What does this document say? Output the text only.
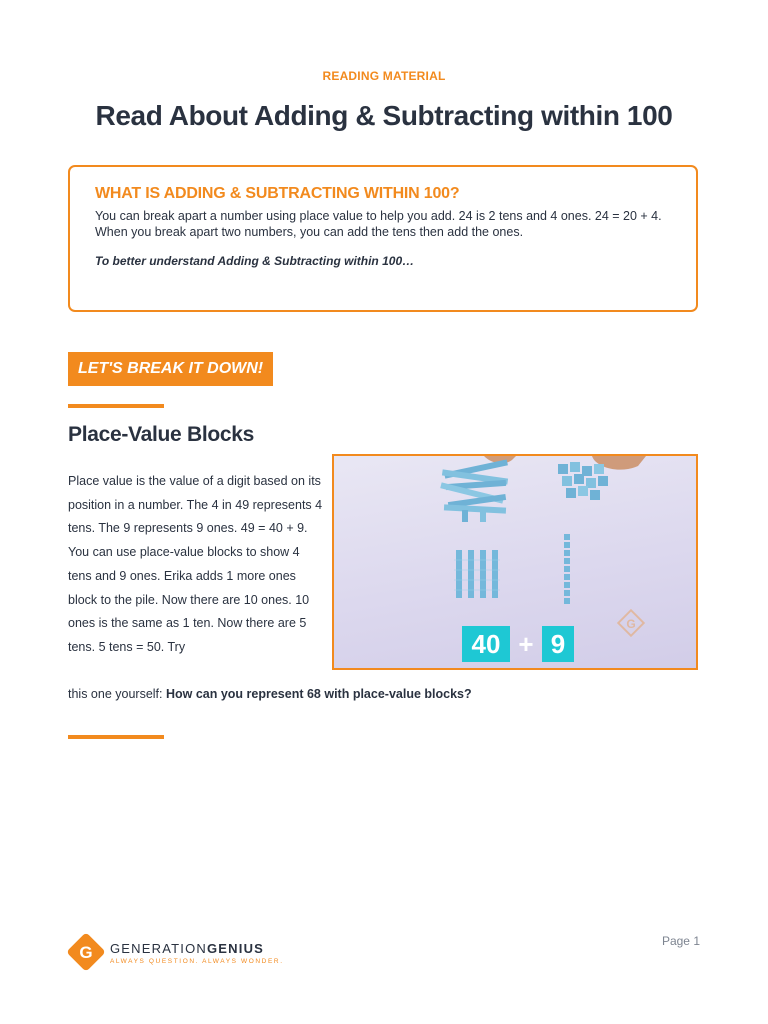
READING MATERIAL
Read About Adding & Subtracting within 100

WHAT IS ADDING & SUBTRACTING WITHIN 100?

You can break apart a number using place value to help you add. 24 is 2 tens and 4 ones. 24 = 20 + 4. When you break apart two numbers, you can add the tens then add the ones.

To better understand Adding & Subtracting within 100…

LET'S BREAK IT DOWN!
Place-Value Blocks
Place value is the value of a digit based on its position in a number. The 4 in 49 represents 4 tens. The 9 represents 9 ones. 49 = 40 + 9. You can use place-value blocks to show 4 tens and 9 ones. Erika adds 1 more ones block to the pile. Now there are 10 ones. 10 ones is the same as 1 ten. Now there are 5 tens. 5 tens = 50. Try
this one yourself: How can you represent 68 with place-value blocks?
G
40 + 9
G GENERATIONGENIUS
ALWAYS QUESTION. ALWAYS WONDER.
Page 1
